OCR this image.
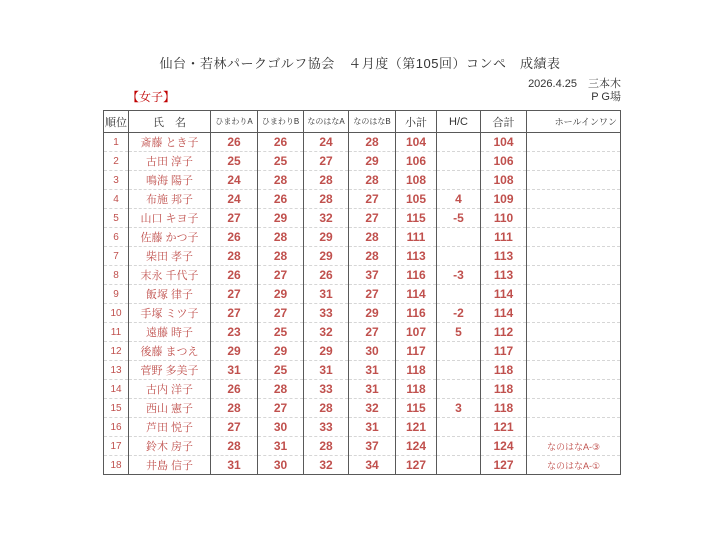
仙台・若林パークゴルフ協会　４月度（第105回）コンペ　成績表
2026.4.25　三本木
P G場
【女子】
順位	氏　名	ひまわりA	ひまわりB	なのはなA	なのはなB	小計	H/C	合計	ホールインワン
1	斎藤 とき子	26	26	24	28	104		104	
2	古田 淳子	25	25	27	29	106		106	
3	鳴海 陽子	24	28	28	28	108		108	
4	布施 邦子	24	26	28	27	105	4	109	
5	山口 キヨ子	27	29	32	27	115	-5	110	
6	佐藤 かつ子	26	28	29	28	111		111	
7	柴田 孝子	28	28	29	28	113		113	
8	末永 千代子	26	27	26	37	116	-3	113	
9	飯塚 律子	27	29	31	27	114		114	
10	手塚 ミツ子	27	27	33	29	116	-2	114	
11	遠藤 時子	23	25	32	27	107	5	112	
12	後藤 まつえ	29	29	29	30	117		117	
13	菅野 多美子	31	25	31	31	118		118	
14	古内 洋子	26	28	33	31	118		118	
15	西山 憲子	28	27	28	32	115	3	118	
16	芦田 悦子	27	30	33	31	121		121	
17	鈴木 房子	28	31	28	37	124		124	なのはなA-③
18	井島 信子	31	30	32	34	127		127	なのはなA-①
